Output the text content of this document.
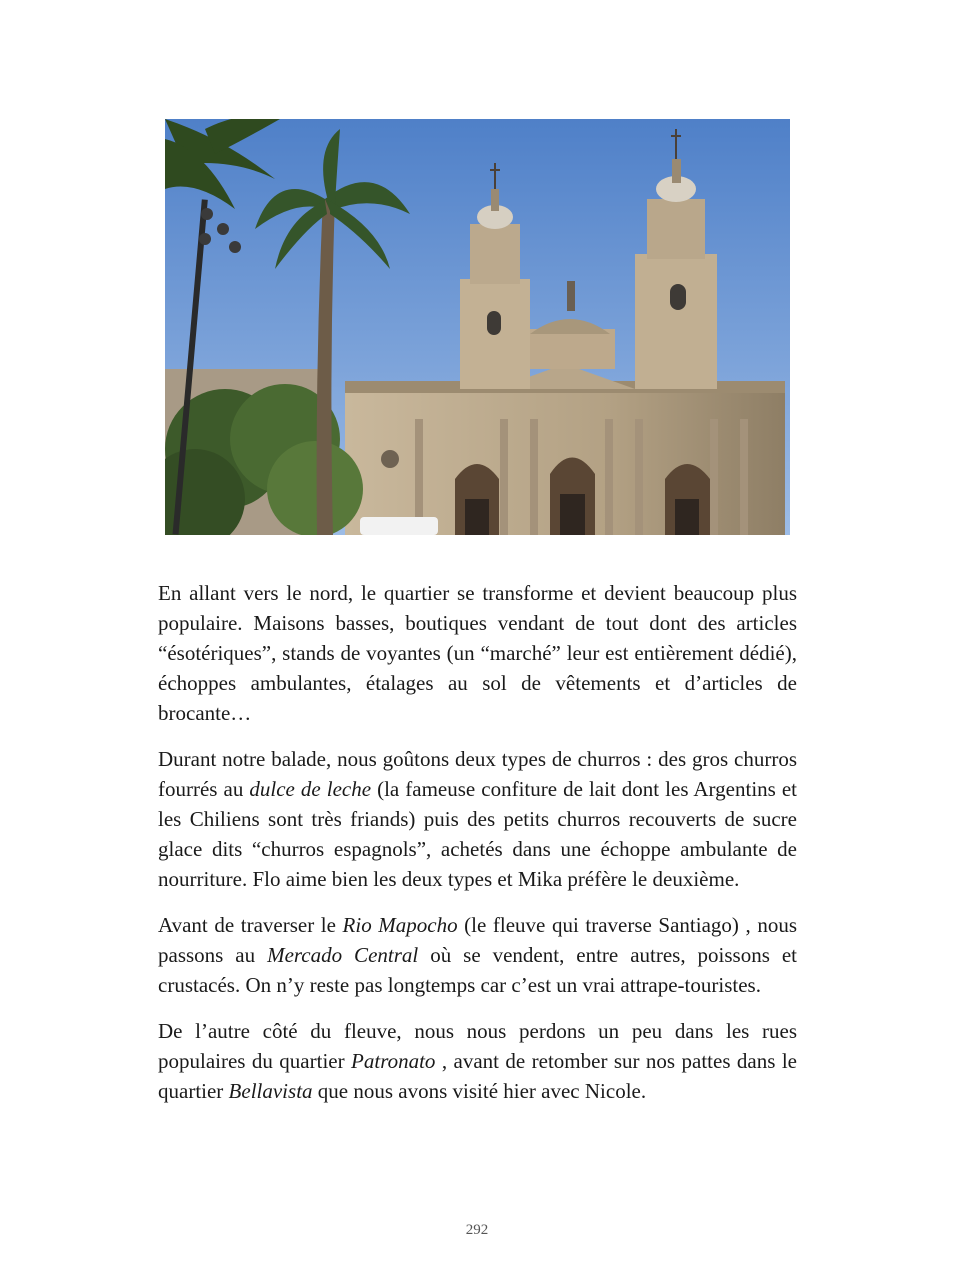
En allant vers le nord, le quartier se transforme et devient beaucoup plus populaire. Maisons basses, boutiques vendant de tout dont des articles “ésotériques”, stands de voyantes (un “marché” leur est entièrement dédié), échoppes ambulantes, étalages au sol de vêtements et d’articles de brocante…

Durant notre balade, nous goûtons deux types de churros : des gros churros fourrés au dulce de leche (la fameuse confiture de lait dont les Argentins et les Chiliens sont très friands) puis des petits churros recouverts de sucre glace dits “churros espagnols”, achetés dans une échoppe ambulante de nourriture. Flo aime bien les deux types et Mika préfère le deuxième.

Avant de traverser le Rio Mapocho (le fleuve qui traverse Santiago) , nous passons au Mercado Central où se vendent, entre autres, poissons et crustacés. On n’y reste pas longtemps car c’est un vrai attrape-touristes.

De l’autre côté du fleuve, nous nous perdons un peu dans les rues populaires du quartier Patronato , avant de retomber sur nos pattes dans le quartier Bellavista que nous avons visité hier avec Nicole.

292
